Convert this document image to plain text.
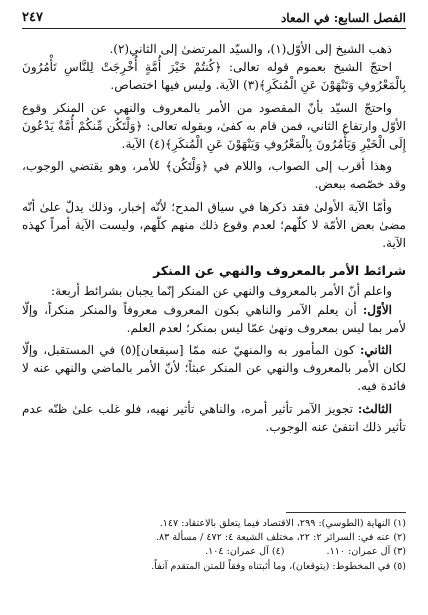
الفصل السابع: في المعاد
٢٤٧

ذهب الشيخ إلى الأوّل(١)، والسيّد المرتضىٰ إلى الثاني(٢).

احتجّ الشيخ بعموم قوله تعالى: ﴿كُنتُمْ خَيْرَ أُمَّةٍ أُخْرِجَتْ لِلنَّاسِ تَأْمُرُونَ بِالْمَعْرُوفِ وَتَنْهَوْنَ عَنِ الْمُنكَرِ﴾(٣) الآية. وليس فيها اختصاص.

واحتجّ السيّد بأنّ المقصود من الأمر بالمعروف والنهي عن المنكر وقوع الأوّل وارتفاع الثاني، فمن قام به كفىٰ، وبقوله تعالى: ﴿وَلْتَكُن مِّنكُمْ أُمَّةٌ يَدْعُونَ إِلَى الْخَيْرِ وَيَأْمُرُونَ بِالْمَعْرُوفِ وَيَنْهَوْنَ عَنِ الْمُنكَرِ﴾(٤) الآية.

وهذا أقرب إلى الصواب، واللام في ﴿وَلْتَكُن﴾ للأمر، وهو يقتضي الوجوب، وقد خصّصه ببعض.

وأمّا الآية الأولىٰ فقد ذكرها في سياق المدح؛ لأنّه إخبار، وذلك يدلّ علىٰ أنّه مضىٰ بعض الأمّة لا كلّهم؛ لعدم وقوع ذلك منهم كلّهم، وليست الآية أمراً كهذه الآية.

شرائط الأمر بالمعروف والنهي عن المنكر

واعلم أنّ الأمر بالمعروف والنهي عن المنكر إنّما يجبان بشرائط أربعة:

الأوّل: أن يعلم الآمر والناهي بكون المعروف معروفاً والمنكر منكراً، وإلّا لأمر بما ليس بمعروف ونهىٰ عمّا ليس بمنكر؛ لعدم العلم.

الثاني: كون المأمور به والمنهيّ عنه ممّا [سيقعان](٥) في المستقبل، وإلّا لكان الأمر بالمعروف والنهي عن المنكر عبثاً؛ لأنّ الأمر بالماضي والنهي عنه لا فائدة فيه.

الثالث: تجويز الآمر تأثير أمره، والناهي تأثير نهيه، فلو غلب علىٰ ظنّه عدم تأثير ذلك انتفىٰ عنه الوجوب.

(١) النهاية (الطوسي): ٢٩٩، الاقتصاد فيما يتعلق بالاعتقاد: ١٤٧.
(٢) عنه في: السرائر ٢: ٢٢، مختلف الشيعة ٤: ٤٧٢ / مسألة ٨٣.
(٣) آل عمران: ١١٠.
(٤) آل عمران: ١٠٤.
(٥) في المخطوط: (يتوقعان)، وما أثبتناه وفقاً للمتن المتقدم آنفاً.
